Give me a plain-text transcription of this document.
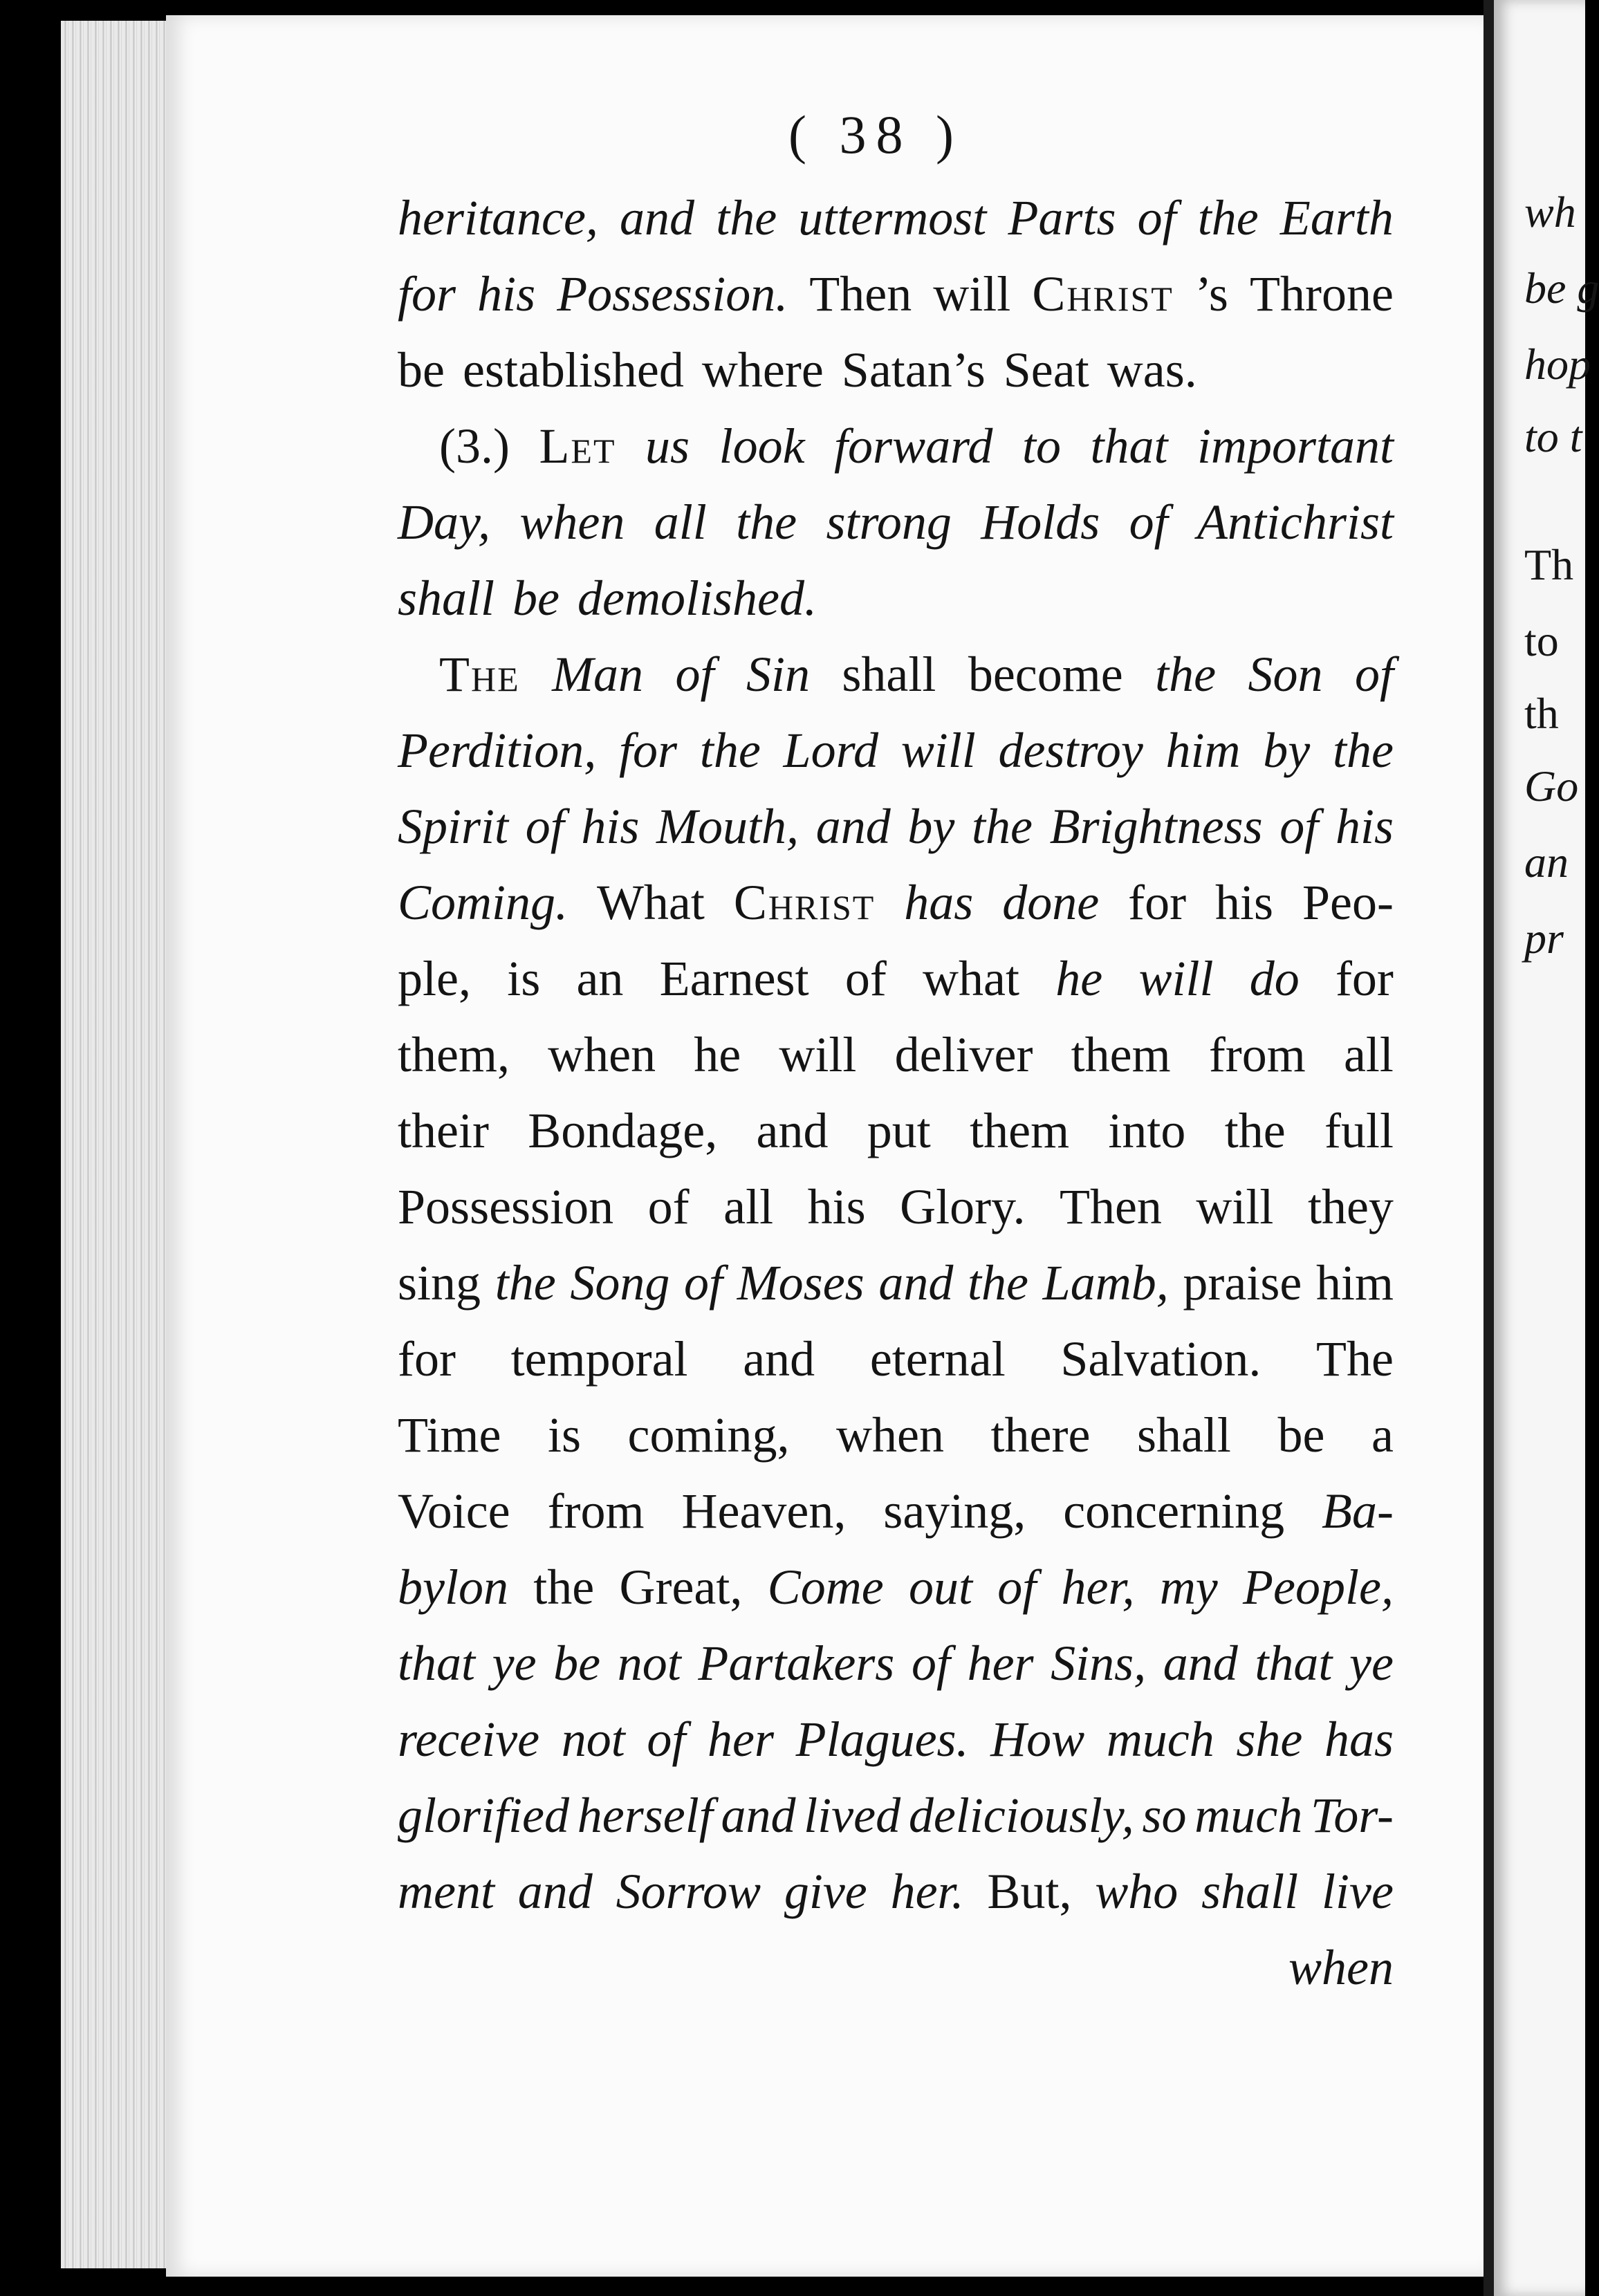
wh
be g
hop
to t
Th
to
th
Go
an
pr
( 38 )
heritance, and the uttermost Parts of the Earth
for his Possession. Then will Christ ’s Throne
be established where Satan’s Seat was.
(3.) Let us look forward to that important
Day, when all the strong Holds of Antichrist
shall be demolished.
The Man of Sin shall become the Son of
Perdition, for the Lord will destroy him by the
Spirit of his Mouth, and by the Brightness of his
Coming. What Christ has done for his Peo-
ple, is an Earnest of what he will do for
them, when he will deliver them from all
their Bondage, and put them into the full
Possession of all his Glory. Then will they
sing the Song of Moses and the Lamb, praise him
for temporal and eternal Salvation. The
Time is coming, when there shall be a
Voice from Heaven, saying, concerning Ba-
bylon the Great, Come out of her, my People,
that ye be not Partakers of her Sins, and that ye
receive not of her Plagues. How much she has
glorified herself and lived deliciously, so much Tor-
ment and Sorrow give her. But, who shall live
when
